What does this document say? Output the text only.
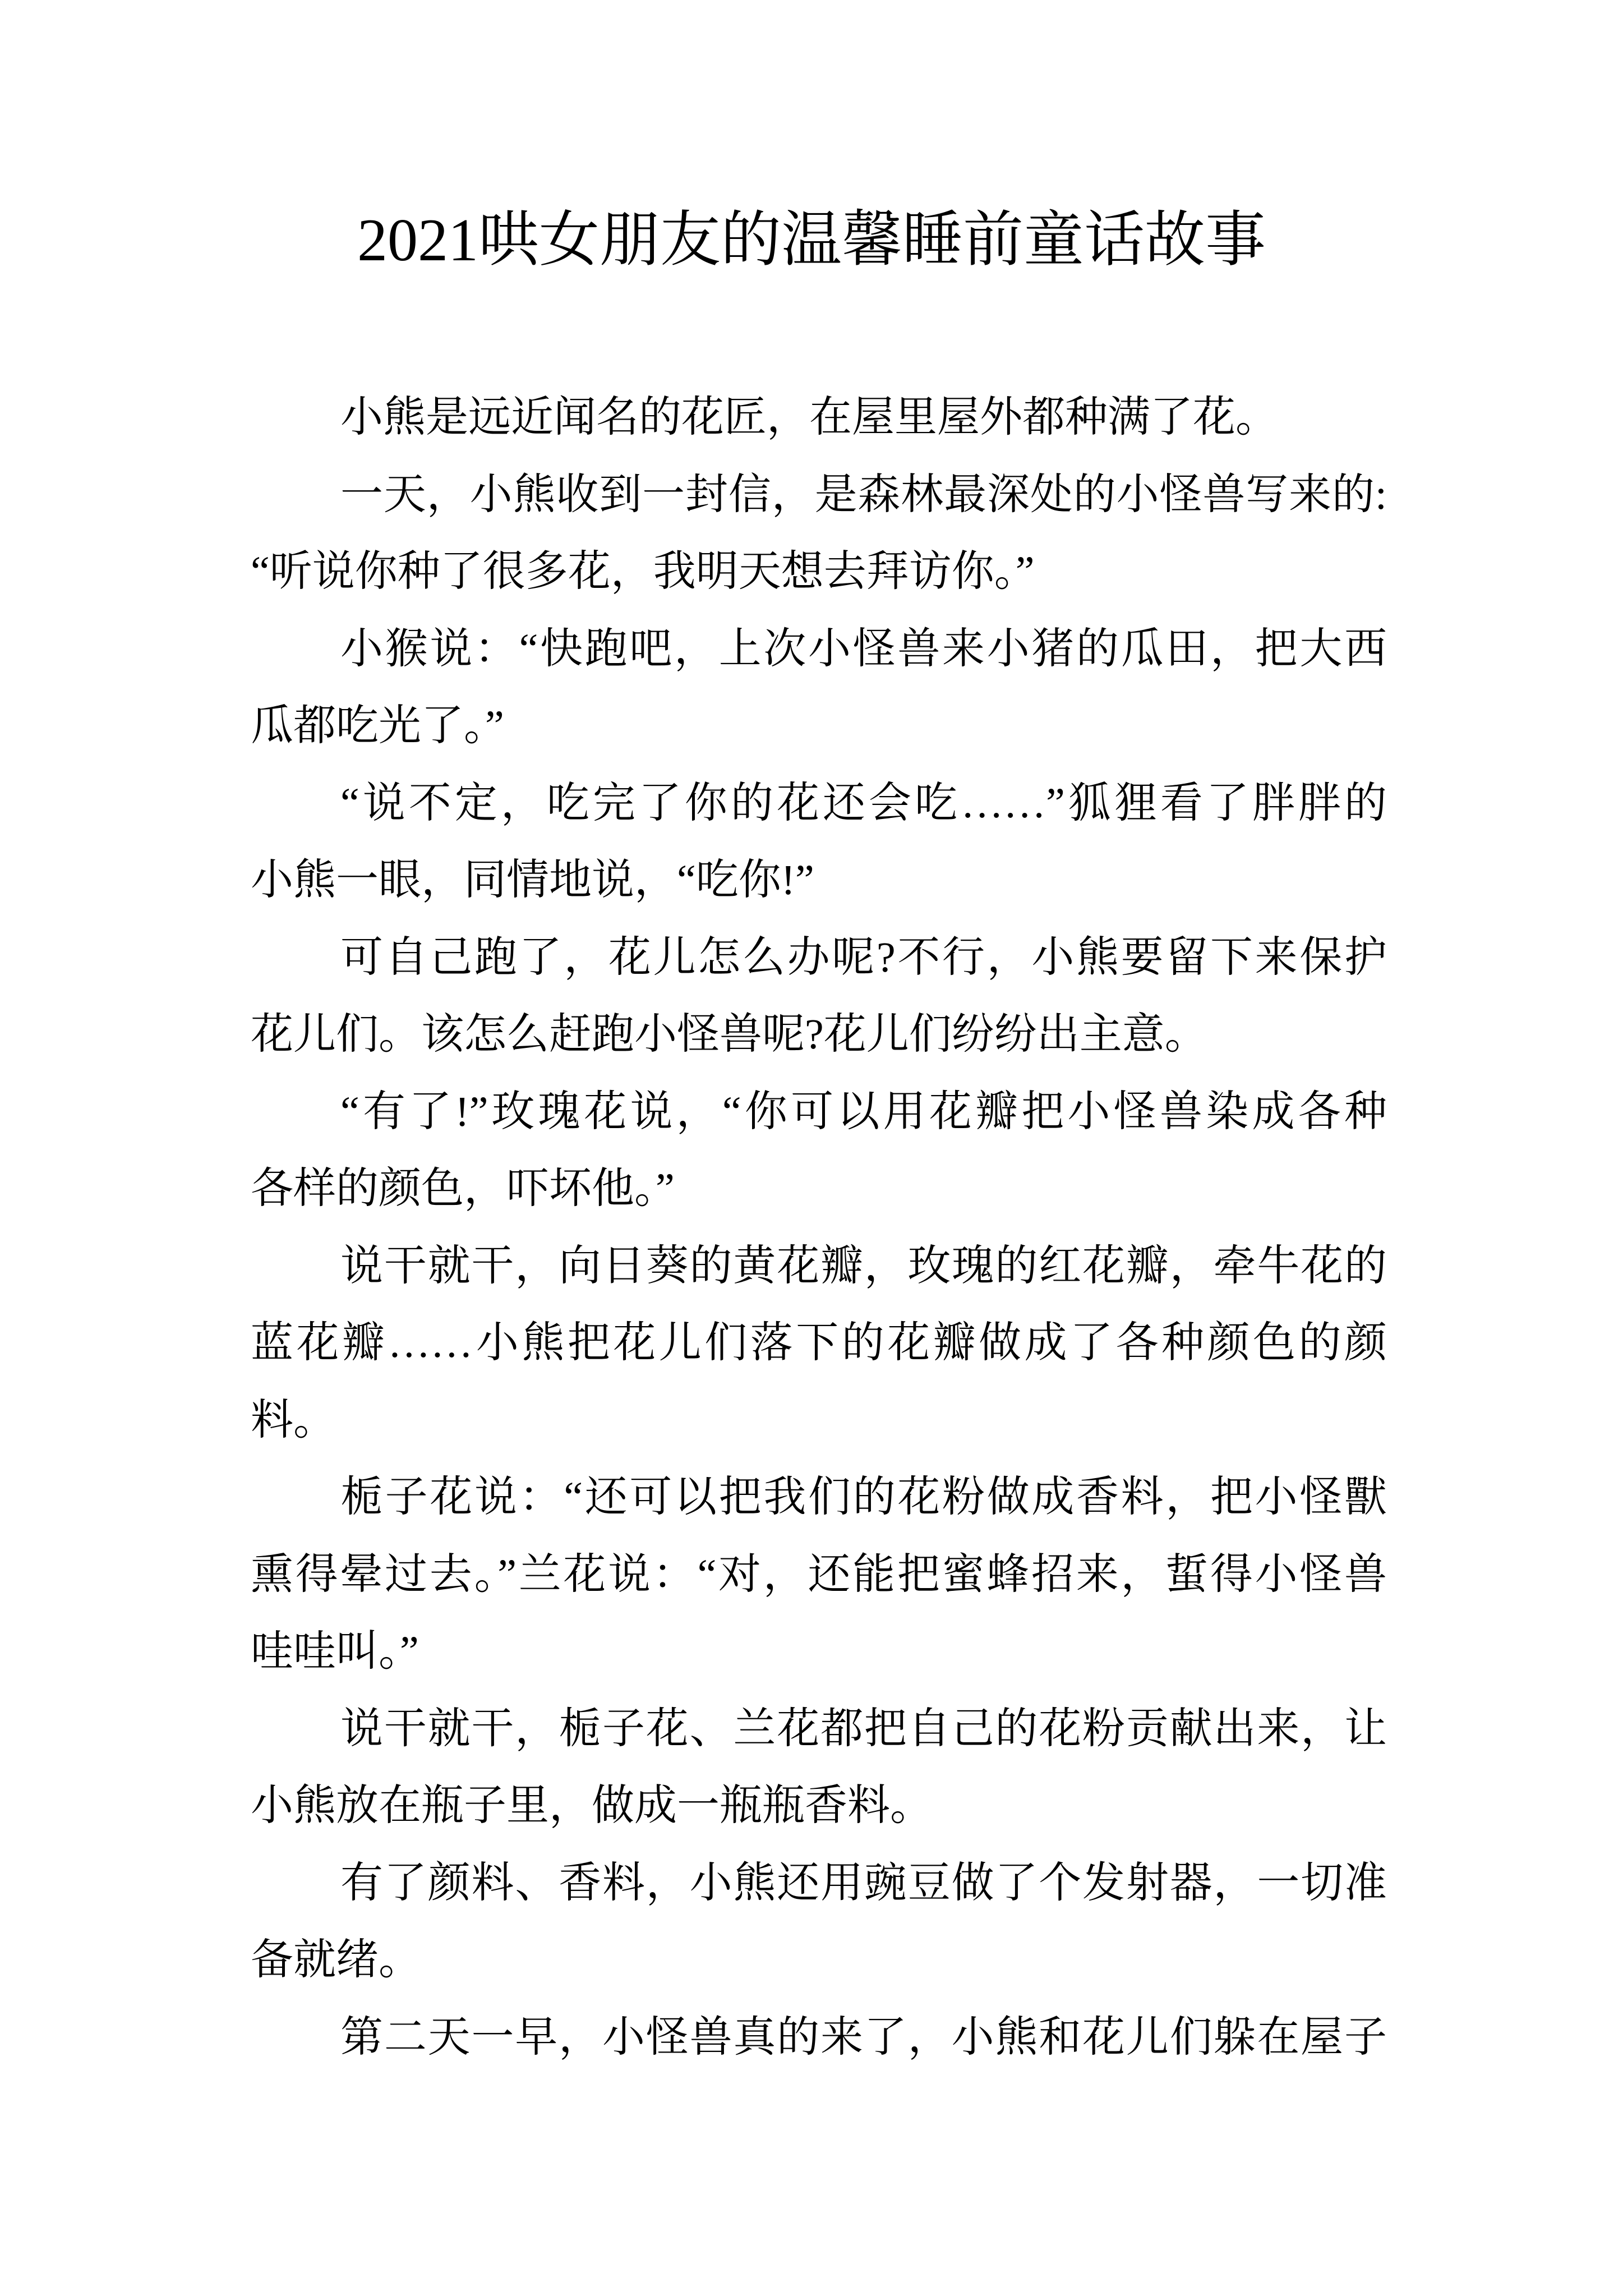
2021哄女朋友的温馨睡前童话故事
小熊是远近闻名的花匠，在屋里屋外都种满了花。
一天，小熊收到一封信，是森林最深处的小怪兽写来的:
“听说你种了很多花，我明天想去拜访你。”
小猴说：“快跑吧，上次小怪兽来小猪的瓜田，把大西
瓜都吃光了。”
“说不定，吃完了你的花还会吃……”狐狸看了胖胖的
小熊一眼，同情地说，“吃你!”
可自己跑了，花儿怎么办呢?不行，小熊要留下来保护
花儿们。该怎么赶跑小怪兽呢?花儿们纷纷出主意。
“有了!”玫瑰花说，“你可以用花瓣把小怪兽染成各种
各样的颜色，吓坏他。”
说干就干，向日葵的黄花瓣，玫瑰的红花瓣，牵牛花的
蓝花瓣……小熊把花儿们落下的花瓣做成了各种颜色的颜
料。
栀子花说：“还可以把我们的花粉做成香料，把小怪獸
熏得晕过去。”兰花说：“对，还能把蜜蜂招来，蜇得小怪兽
哇哇叫。”
说干就干，栀子花、兰花都把自己的花粉贡献出来，让
小熊放在瓶子里，做成一瓶瓶香料。
有了颜料、香料，小熊还用豌豆做了个发射器，一切准
备就绪。
第二天一早，小怪兽真的来了，小熊和花儿们躲在屋子
